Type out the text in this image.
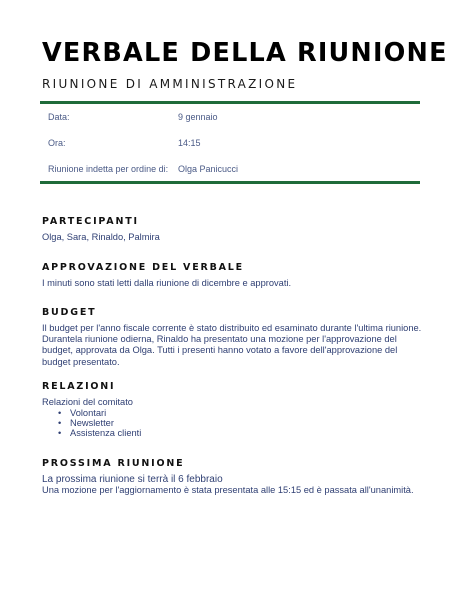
VERBALE DELLA RIUNIONE
RIUNIONE DI AMMINISTRAZIONE
Data:	9 gennaio
Ora:	14:15
Riunione indetta per ordine di: Olga Panicucci
PARTECIPANTI

Olga, Sara, Rinaldo, Palmira

APPROVAZIONE DEL VERBALE

I minuti sono stati letti dalla riunione di dicembre e approvati.

BUDGET

Il budget per l'anno fiscale corrente è stato distribuito ed esaminato durante l'ultima riunione. Durantela riunione odierna, Rinaldo ha presentato una mozione per l'approvazione del budget, approvata da Olga. Tutti i presenti hanno votato a favore dell'approvazione del budget presentato.

RELAZIONI

Relazioni del comitato

• Volontari
• Newsletter
• Assistenza clienti
PROSSIMA RIUNIONE

La prossima riunione si terrà il 6 febbraio

Una mozione per l'aggiornamento è stata presentata alle 15:15 ed è passata all'unanimità.
